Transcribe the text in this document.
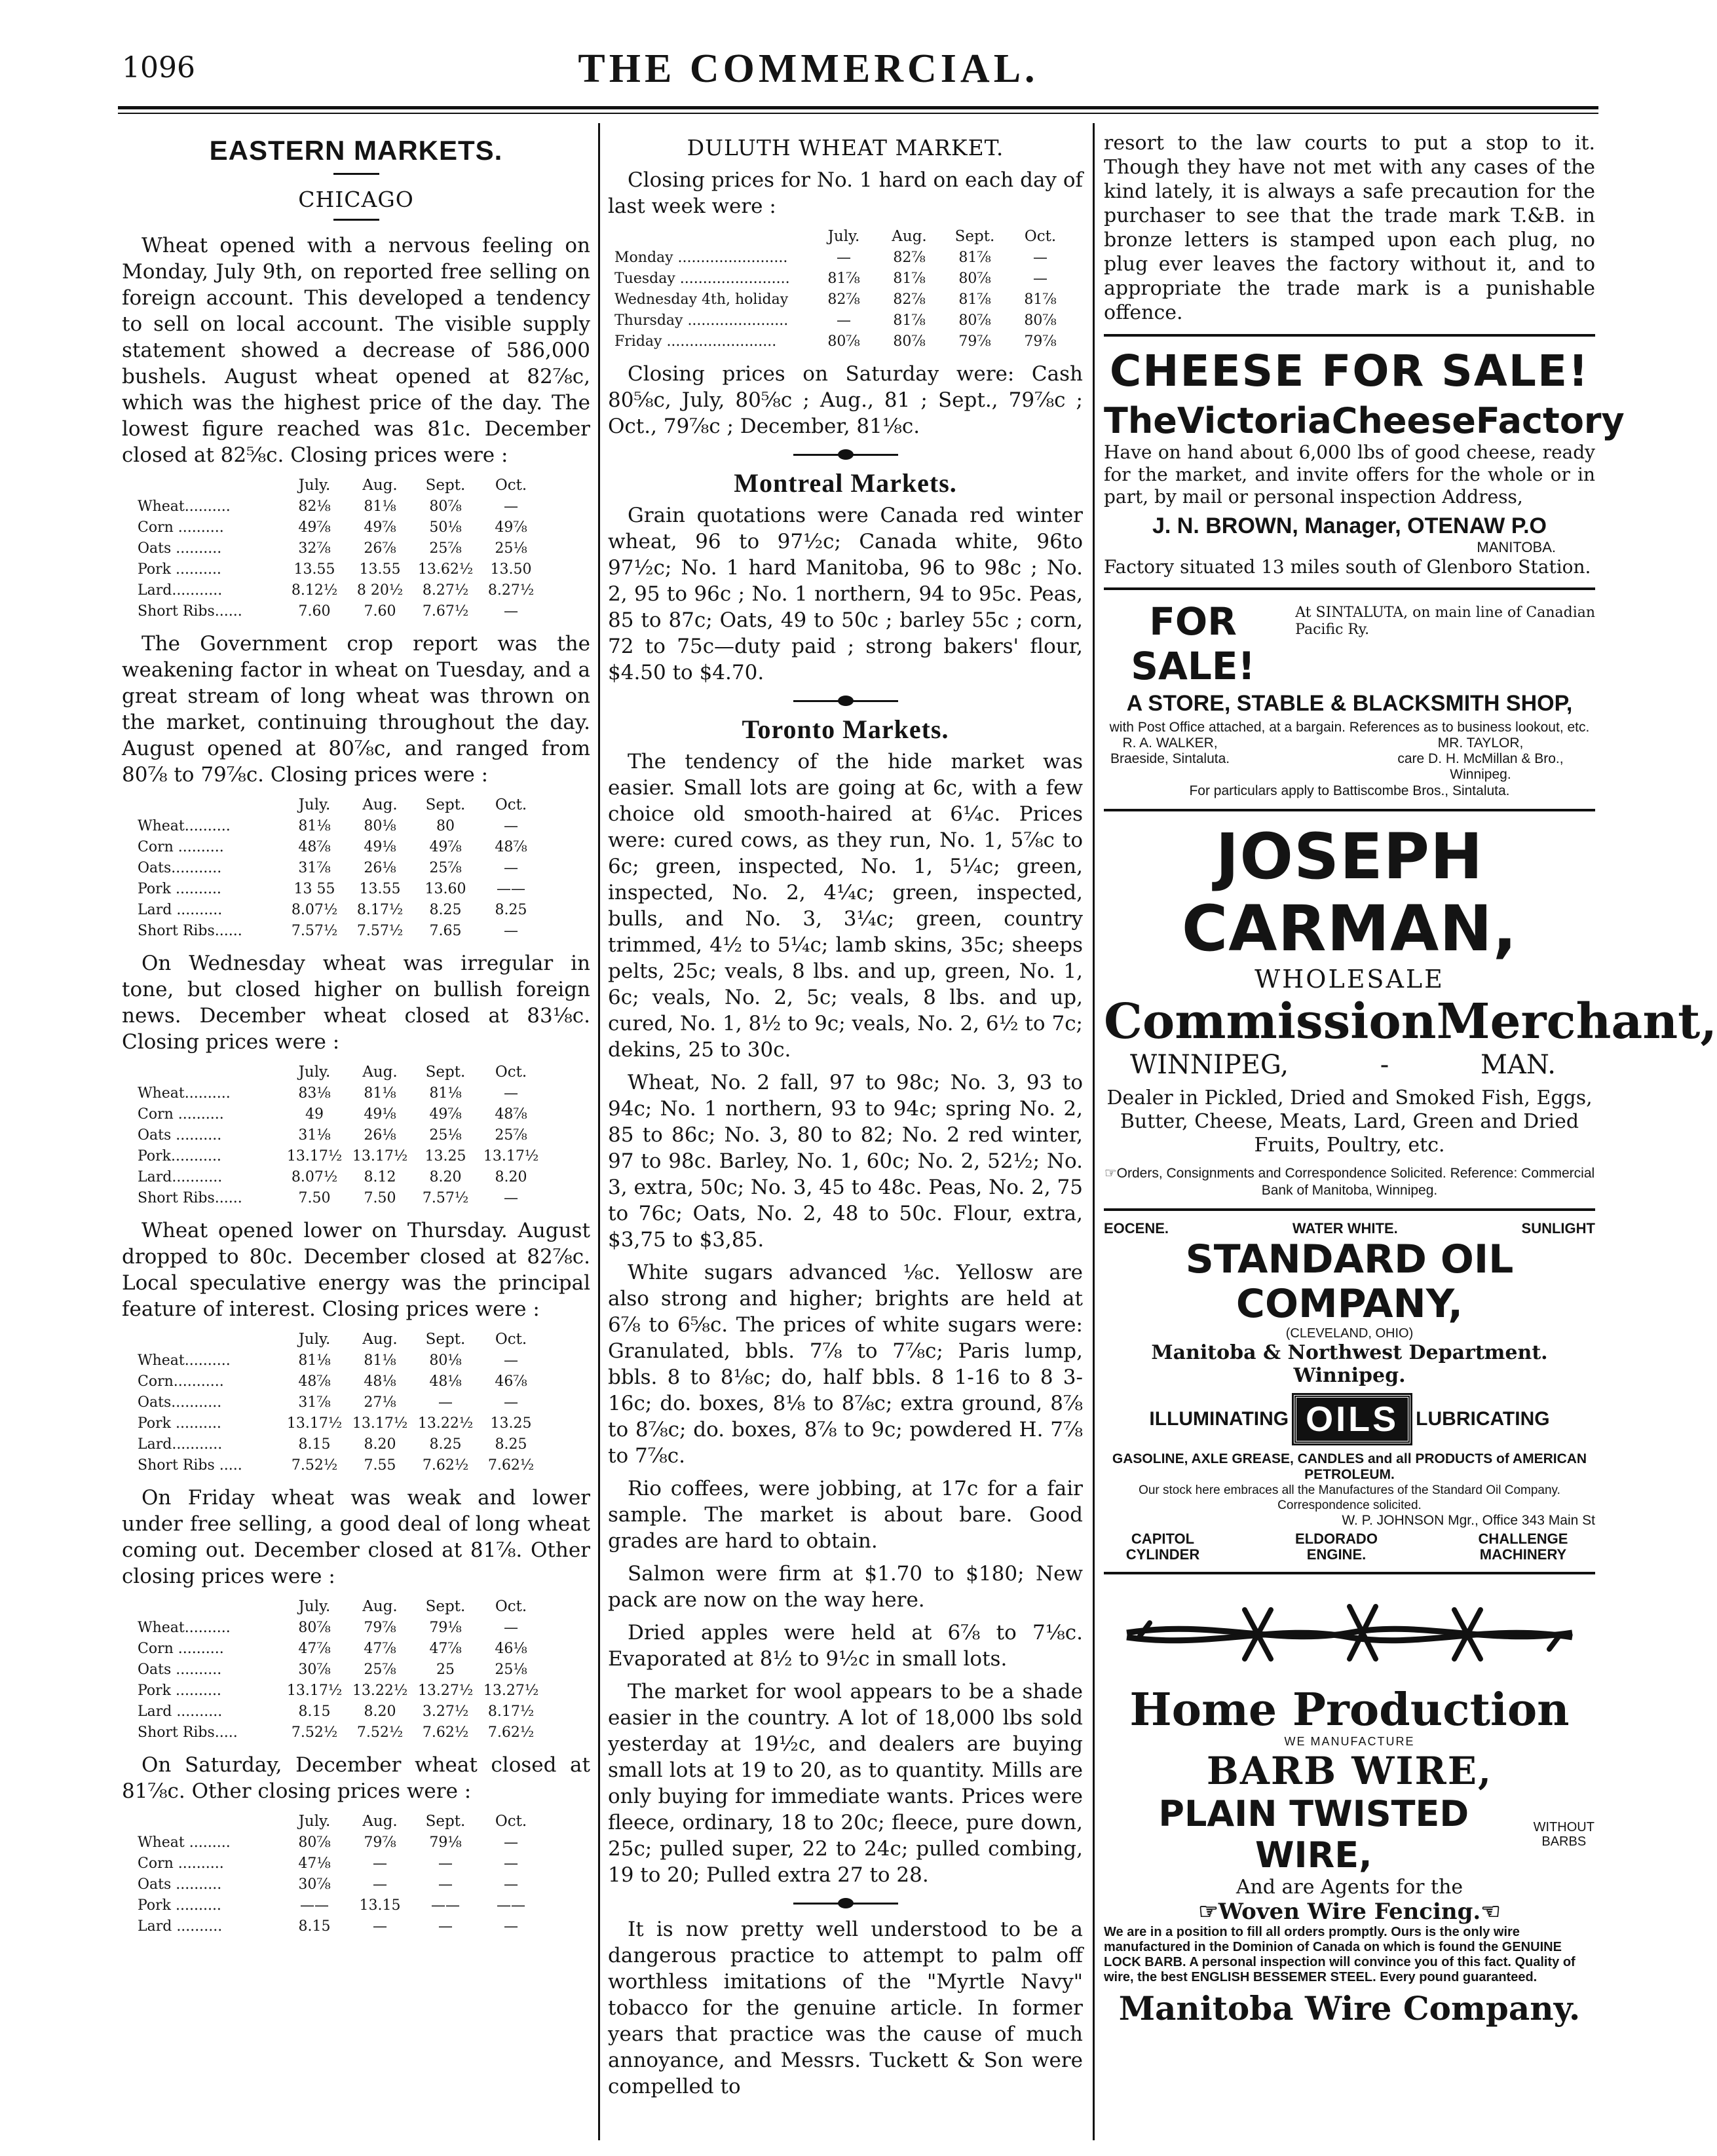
1096	THE COMMERCIAL.
EASTERN MARKETS.
CHICAGO

Wheat opened with a nervous feeling on Monday, July 9th, on reported free selling on foreign account. This developed a tendency to sell on local account. The visible supply statement showed a decrease of 586,000 bushels. August wheat opened at 82⅞c, which was the highest price of the day. The lowest figure reached was 81c. December closed at 82⅝c. Closing prices were :

	July.	Aug.	Sept.	Oct.
Wheat..........	82⅛	81⅛	80⅞	—
Corn ..........	49⅞	49⅞	50⅛	49⅞
Oats ..........	32⅞	26⅞	25⅞	25⅛
Pork ..........	13.55	13.55	13.62½	13.50
Lard...........	8.12½	8 20½	8.27½	8.27½
Short Ribs......	7.60	7.60	7.67½	—

The Government crop report was the weakening factor in wheat on Tuesday, and a great stream of long wheat was thrown on the market, continuing throughout the day. August opened at 80⅞c, and ranged from 80⅞ to 79⅞c. Closing prices were :

	July.	Aug.	Sept.	Oct.
Wheat..........	81⅛	80⅛	80	—
Corn ..........	48⅞	49⅛	49⅞	48⅞
Oats...........	31⅞	26⅛	25⅞	—
Pork ..........	13 55	13.55	13.60	——
Lard ..........	8.07½	8.17½	8.25	8.25
Short Ribs......	7.57½	7.57½	7.65	—

On Wednesday wheat was irregular in tone, but closed higher on bullish foreign news. December wheat closed at 83⅛c. Closing prices were :

	July.	Aug.	Sept.	Oct.
Wheat..........	83⅛	81⅛	81⅛	—
Corn ..........	49	49⅛	49⅞	48⅞
Oats ..........	31⅛	26⅛	25⅛	25⅞
Pork...........	13.17½	13.17½	13.25	13.17½
Lard...........	8.07½	8.12	8.20	8.20
Short Ribs......	7.50	7.50	7.57½	—

Wheat opened lower on Thursday. August dropped to 80c. December closed at 82⅞c. Local speculative energy was the principal feature of interest. Closing prices were :

	July.	Aug.	Sept.	Oct.
Wheat..........	81⅛	81⅛	80⅛	—
Corn...........	48⅞	48⅛	48⅛	46⅞
Oats...........	31⅞	27⅛	—	—
Pork ..........	13.17½	13.17½	13.22½	13.25
Lard...........	8.15	8.20	8.25	8.25
Short Ribs .....	7.52½	7.55	7.62½	7.62½

On Friday wheat was weak and lower under free selling, a good deal of long wheat coming out. December closed at 81⅞. Other closing prices were :

	July.	Aug.	Sept.	Oct.
Wheat..........	80⅞	79⅞	79⅛	—
Corn ..........	47⅞	47⅞	47⅞	46⅛
Oats ..........	30⅞	25⅞	25	25⅛
Pork ..........	13.17½	13.22½	13.27½	13.27½
Lard ..........	8.15	8.20	3.27½	8.17½
Short Ribs.....	7.52½	7.52½	7.62½	7.62½

On Saturday, December wheat closed at 81⅞c. Other closing prices were :

	July.	Aug.	Sept.	Oct.
Wheat .........	80⅞	79⅞	79⅛	—
Corn ..........	47⅛	—	—	—
Oats ..........	30⅞	—	—	—
Pork ..........	——	13.15	——	——
Lard ..........	8.15	—	—	—
DULUTH WHEAT MARKET.

Closing prices for No. 1 hard on each day of last week were :

	July.	Aug.	Sept.	Oct.
Monday ........................	—	82⅞	81⅞	—
Tuesday ........................	81⅞	81⅞	80⅞	—
Wednesday 4th, holiday	82⅞	82⅞	81⅞	81⅞
Thursday ......................	—	81⅞	80⅞	80⅞
Friday ........................	80⅞	80⅞	79⅞	79⅞

Closing prices on Saturday were: Cash 80⅝c, July, 80⅝c ; Aug., 81 ; Sept., 79⅞c ; Oct., 79⅞c ; December, 81⅛c.

Montreal Markets.

Grain quotations were Canada red winter wheat, 96 to 97½c; Canada white, 96to 97½c; No. 1 hard Manitoba, 96 to 98c ; No. 2, 95 to 96c ; No. 1 northern, 94 to 95c. Peas, 85 to 87c; Oats, 49 to 50c ; barley 55c ; corn, 72 to 75c—duty paid ; strong bakers' flour, $4.50 to $4.70.

Toronto Markets.

The tendency of the hide market was easier. Small lots are going at 6c, with a few choice old smooth-haired at 6¼c. Prices were: cured cows, as they run, No. 1, 5⅞c to 6c; green, inspected, No. 1, 5¼c; green, inspected, No. 2, 4¼c; green, inspected, bulls, and No. 3, 3¼c; green, country trimmed, 4½ to 5¼c; lamb skins, 35c; sheeps pelts, 25c; veals, 8 lbs. and up, green, No. 1, 6c; veals, No. 2, 5c; veals, 8 lbs. and up, cured, No. 1, 8½ to 9c; veals, No. 2, 6½ to 7c; dekins, 25 to 30c.

Wheat, No. 2 fall, 97 to 98c; No. 3, 93 to 94c; No. 1 northern, 93 to 94c; spring No. 2, 85 to 86c; No. 3, 80 to 82; No. 2 red winter, 97 to 98c. Barley, No. 1, 60c; No. 2, 52½; No. 3, extra, 50c; No. 3, 45 to 48c. Peas, No. 2, 75 to 76c; Oats, No. 2, 48 to 50c. Flour, extra, $3,75 to $3,85.

White sugars advanced ⅛c. Yellosw are also strong and higher; brights are held at 6⅞ to 6⅝c. The prices of white sugars were: Granulated, bbls. 7⅞ to 7⅞c; Paris lump, bbls. 8 to 8⅛c; do, half bbls. 8 1-16 to 8 3-16c; do. boxes, 8⅛ to 8⅞c; extra ground, 8⅞ to 8⅞c; do. boxes, 8⅞ to 9c; powdered H. 7⅞ to 7⅞c.

Rio coffees, were jobbing, at 17c for a fair sample. The market is about bare. Good grades are hard to obtain.

Salmon were firm at $1.70 to $180; New pack are now on the way here.

Dried apples were held at 6⅞ to 7⅛c. Evaporated at 8½ to 9½c in small lots.

The market for wool appears to be a shade easier in the country. A lot of 18,000 lbs sold yesterday at 19½c, and dealers are buying small lots at 19 to 20, as to quantity. Mills are only buying for immediate wants. Prices were fleece, ordinary, 18 to 20c; fleece, pure down, 25c; pulled super, 22 to 24c; pulled combing, 19 to 20; Pulled extra 27 to 28.

It is now pretty well understood to be a dangerous practice to attempt to palm off worthless imitations of the "Myrtle Navy" tobacco for the genuine article. In former years that practice was the cause of much annoyance, and Messrs. Tuckett & Son were compelled to

resort to the law courts to put a stop to it. Though they have not met with any cases of the kind lately, it is always a safe precaution for the purchaser to see that the trade mark T.&B. in bronze letters is stamped upon each plug, no plug ever leaves the factory without it, and to appropriate the trade mark is a punishable offence.

CHEESE FOR SALE!
TheVictoriaCheeseFactory
Have on hand about 6,000 lbs of good cheese, ready for the market, and invite offers for the whole or in part, by mail or personal inspection Address,
J. N. BROWN, Manager, OTENAW P.O
MANITOBA.
Factory situated 13 miles south of Glenboro Station.
FOR SALE!
At SINTALUTA, on main line of Canadian Pacific Ry.
A STORE, STABLE & BLACKSMITH SHOP,
with Post Office attached, at a bargain. References as to business lookout, etc.
R. A. WALKER,
Braeside, Sintaluta.
MR. TAYLOR,
care D. H. McMillan & Bro., Winnipeg.
For particulars apply to Battiscombe Bros., Sintaluta.
JOSEPH CARMAN,
WHOLESALE
Commission Merchant,
WINNIPEG,	-	MAN.
Dealer in Pickled, Dried and Smoked Fish, Eggs, Butter, Cheese, Meats, Lard, Green and Dried Fruits, Poultry, etc.
☞Orders, Consignments and Correspondence Solicited. Reference: Commercial Bank of Manitoba, Winnipeg.
EOCENE.	WATER WHITE.	SUNLIGHT
STANDARD OIL COMPANY,
(CLEVELAND, OHIO)
Manitoba & Northwest Department. Winnipeg.
ILLUMINATING OILS LUBRICATING
GASOLINE, AXLE GREASE, CANDLES and all PRODUCTS of AMERICAN PETROLEUM.
Our stock here embraces all the Manufactures of the Standard Oil Company. Correspondence solicited.
W. P. JOHNSON Mgr., Office 343 Main St
CAPITOL CYLINDER
ELDORADO ENGINE.
CHALLENGE MACHINERY
Home Production
WE MANUFACTURE
BARB WIRE,
PLAIN TWISTED WIRE,
WITHOUT BARBS
And are Agents for the
☞Woven Wire Fencing.☜
We are in a position to fill all orders promptly. Ours is the only wire manufactured in the Dominion of Canada on which is found the GENUINE LOCK BARB. A personal inspection will convince you of this fact. Quality of wire, the best ENGLISH BESSEMER STEEL. Every pound guaranteed.
Manitoba Wire Company.
